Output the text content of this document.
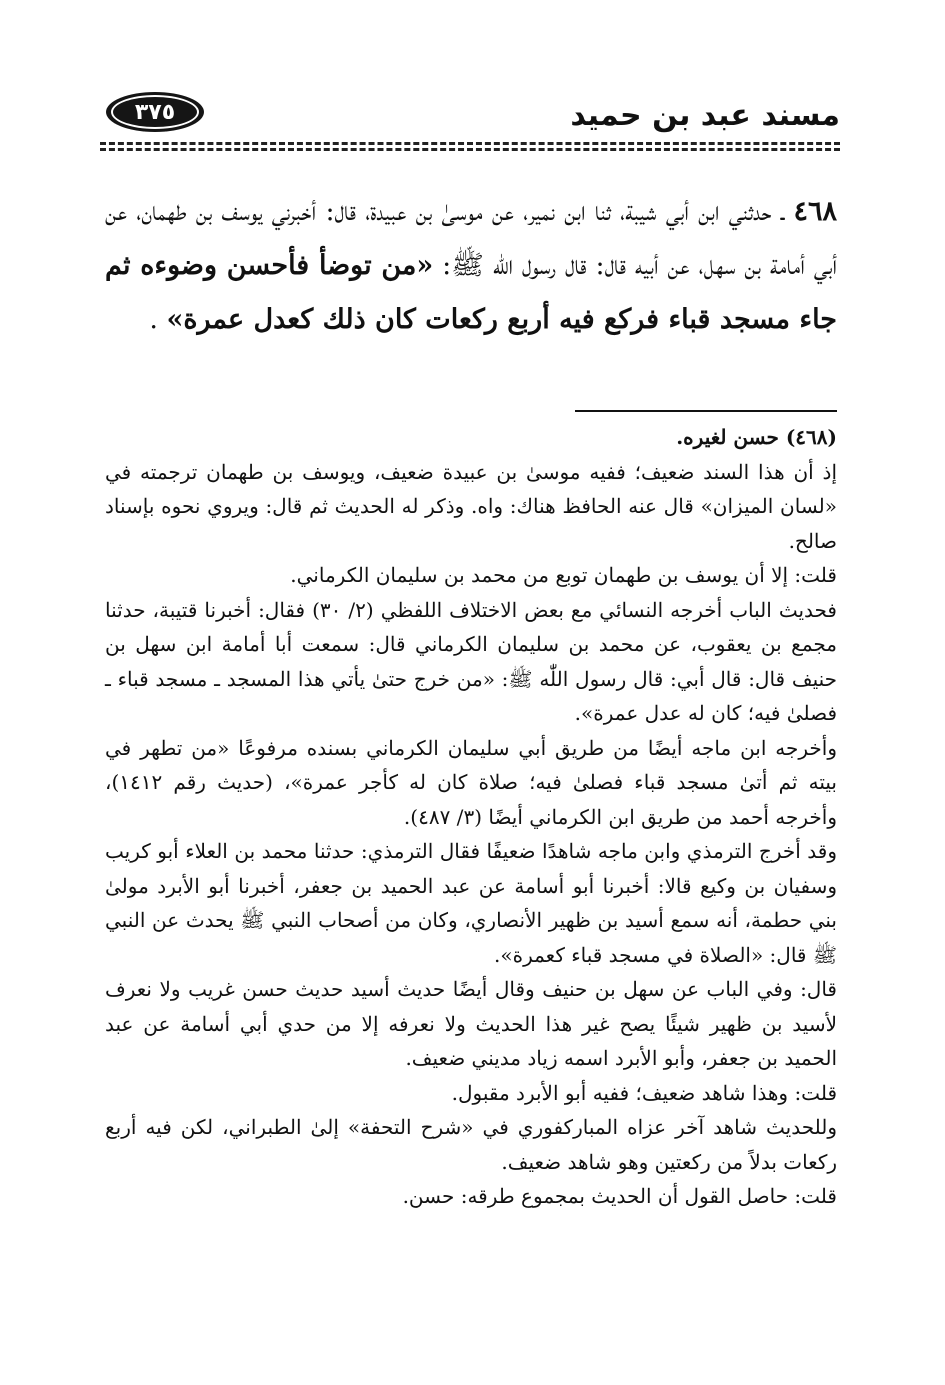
مسند عبد بن حميد
٣٧٥

٤٦٨ ـ حدثني ابن أبي شيبة، ثنا ابن نمير، عن موسىٰ بن عبيدة، قال: أخبرني يوسف بن طهمان، عن أبي أمامة بن سهل، عن أبيه قال: قال رسول اللّٰه ﷺ: «من توضأ فأحسن وضوءه ثم جاء مسجد قباء فركع فيه أربع ركعات كان ذلك كعدل عمرة» .

(٤٦٨) حسن لغيره.

إذ أن هذا السند ضعيف؛ ففيه موسىٰ بن عبيدة ضعيف، ويوسف بن طهمان ترجمته في «لسان الميزان» قال عنه الحافظ هناك: واه. وذكر له الحديث ثم قال: ويروي نحوه بإسناد صالح.

قلت: إلا أن يوسف بن طهمان توبع من محمد بن سليمان الكرماني.

فحديث الباب أخرجه النسائي مع بعض الاختلاف اللفظي (٢/ ٣٠) فقال: أخبرنا قتيبة، حدثنا مجمع بن يعقوب، عن محمد بن سليمان الكرماني قال: سمعت أبا أمامة ابن سهل بن حنيف قال: قال أبي: قال رسول اللّٰه ﷺ: «من خرج حتىٰ يأتي هذا المسجد ـ مسجد قباء ـ فصلىٰ فيه؛ كان له عدل عمرة».

وأخرجه ابن ماجه أيضًا من طريق أبي سليمان الكرماني بسنده مرفوعًا «من تطهر في بيته ثم أتىٰ مسجد قباء فصلىٰ فيه؛ صلاة كان له كأجر عمرة»، (حديث رقم ١٤١٢)، وأخرجه أحمد من طريق ابن الكرماني أيضًا (٣/ ٤٨٧).

وقد أخرج الترمذي وابن ماجه شاهدًا ضعيفًا فقال الترمذي: حدثنا محمد بن العلاء أبو كريب وسفيان بن وكيع قالا: أخبرنا أبو أسامة عن عبد الحميد بن جعفر، أخبرنا أبو الأبرد مولىٰ بني حطمة، أنه سمع أسيد بن ظهير الأنصاري، وكان من أصحاب النبي ﷺ يحدث عن النبي ﷺ قال: «الصلاة في مسجد قباء كعمرة».

قال: وفي الباب عن سهل بن حنيف وقال أيضًا حديث أسيد حديث حسن غريب ولا نعرف لأسيد بن ظهير شيئًا يصح غير هذا الحديث ولا نعرفه إلا من حدي أبي أسامة عن عبد الحميد بن جعفر، وأبو الأبرد اسمه زياد مديني ضعيف.

قلت: وهذا شاهد ضعيف؛ ففيه أبو الأبرد مقبول.

وللحديث شاهد آخر عزاه المباركفوري في «شرح التحفة» إلىٰ الطبراني، لكن فيه أربع ركعات بدلاً من ركعتين وهو شاهد ضعيف.

قلت: حاصل القول أن الحديث بمجموع طرقه: حسن.
